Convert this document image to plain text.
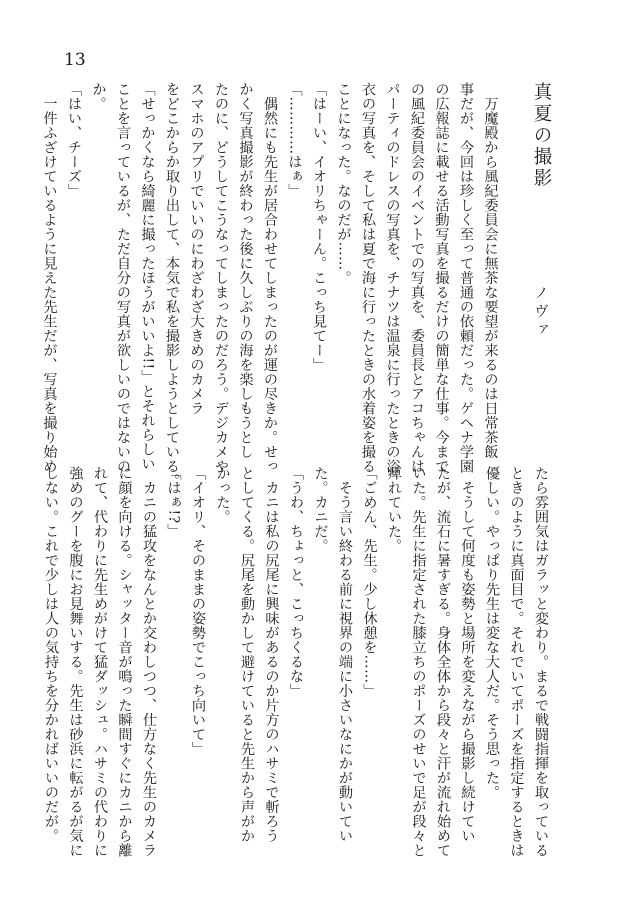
13
ノヴァ

真夏の撮影

　万魔殿から風紀委員会に無茶な要望が来るのは日常茶飯

事だが、今回は珍しく至って普通の依頼だった。ゲヘナ学園

の広報誌に載せる活動写真を撮るだけの簡単な仕事。今まで

の風紀委員会のイベントでの写真を、委員長とアコちゃんは

パーティのドレスの写真を、チナツは温泉に行ったときの浴

衣の写真を、そして私は夏で海に行ったときの水着姿を撮る

ことになった。なのだが……。

「はーい、イオリちゃーん。こっち見てー」

「…………はぁ」

　偶然にも先生が居合わせてしまったのが運の尽きか。せっ

かく写真撮影が終わった後に久しぶりの海を楽しもうとし

たのに、どうしてこうなってしまったのだろう。デジカメや

スマホのアプリでいいのにわざわざ大きめのカメラ

をどこからか取り出して、本気で私を撮影しようとしている。

「せっかくなら綺麗に撮ったほうがいいよ!!」とそれらしい

ことを言っているが、ただ自分の写真が欲しいのではないの

か。

「はい、チーズ」

　一件ふざけているように見えた先生だが、写真を撮り始め

たら雰囲気はガラッと変わり。まるで戦闘指揮を取っている

ときのように真面目で。それでいてポーズを指定するときは

優しい。やっぱり先生は変な大人だ。そう思った。

　そうして何度も姿勢と場所を変えながら撮影し続けてい

たが、流石に暑すぎる。身体全体から段々と汗が流れ始めて

いた。先生に指定された膝立ちのポーズのせいで足が段々と

痺れていた。

「ごめん、先生。少し休憩を……」

　そう言い終わる前に視界の端に小さいなにかが動いてい

た。カニだ。

「うわ、ちょっと、こっちくるな」

　カニは私の尻尾に興味があるのか片方のハサミで斬ろう

としてくる。尻尾を動かして避けていると先生から声がか

かった。

「イオリ、そのままの姿勢でこっち向いて」

「はぁ!?」

　カニの猛攻をなんとか交わしつつ、仕方なく先生のカメラ

に顔を向ける。シャッター音が鳴った瞬間すぐにカニから離

れて、代わりに先生めがけて猛ダッシュ。ハサミの代わりに

強めのグーを腹にお見舞いする。先生は砂浜に転がるが気に

しない。これで少しは人の気持ちを分かればいいのだが。
